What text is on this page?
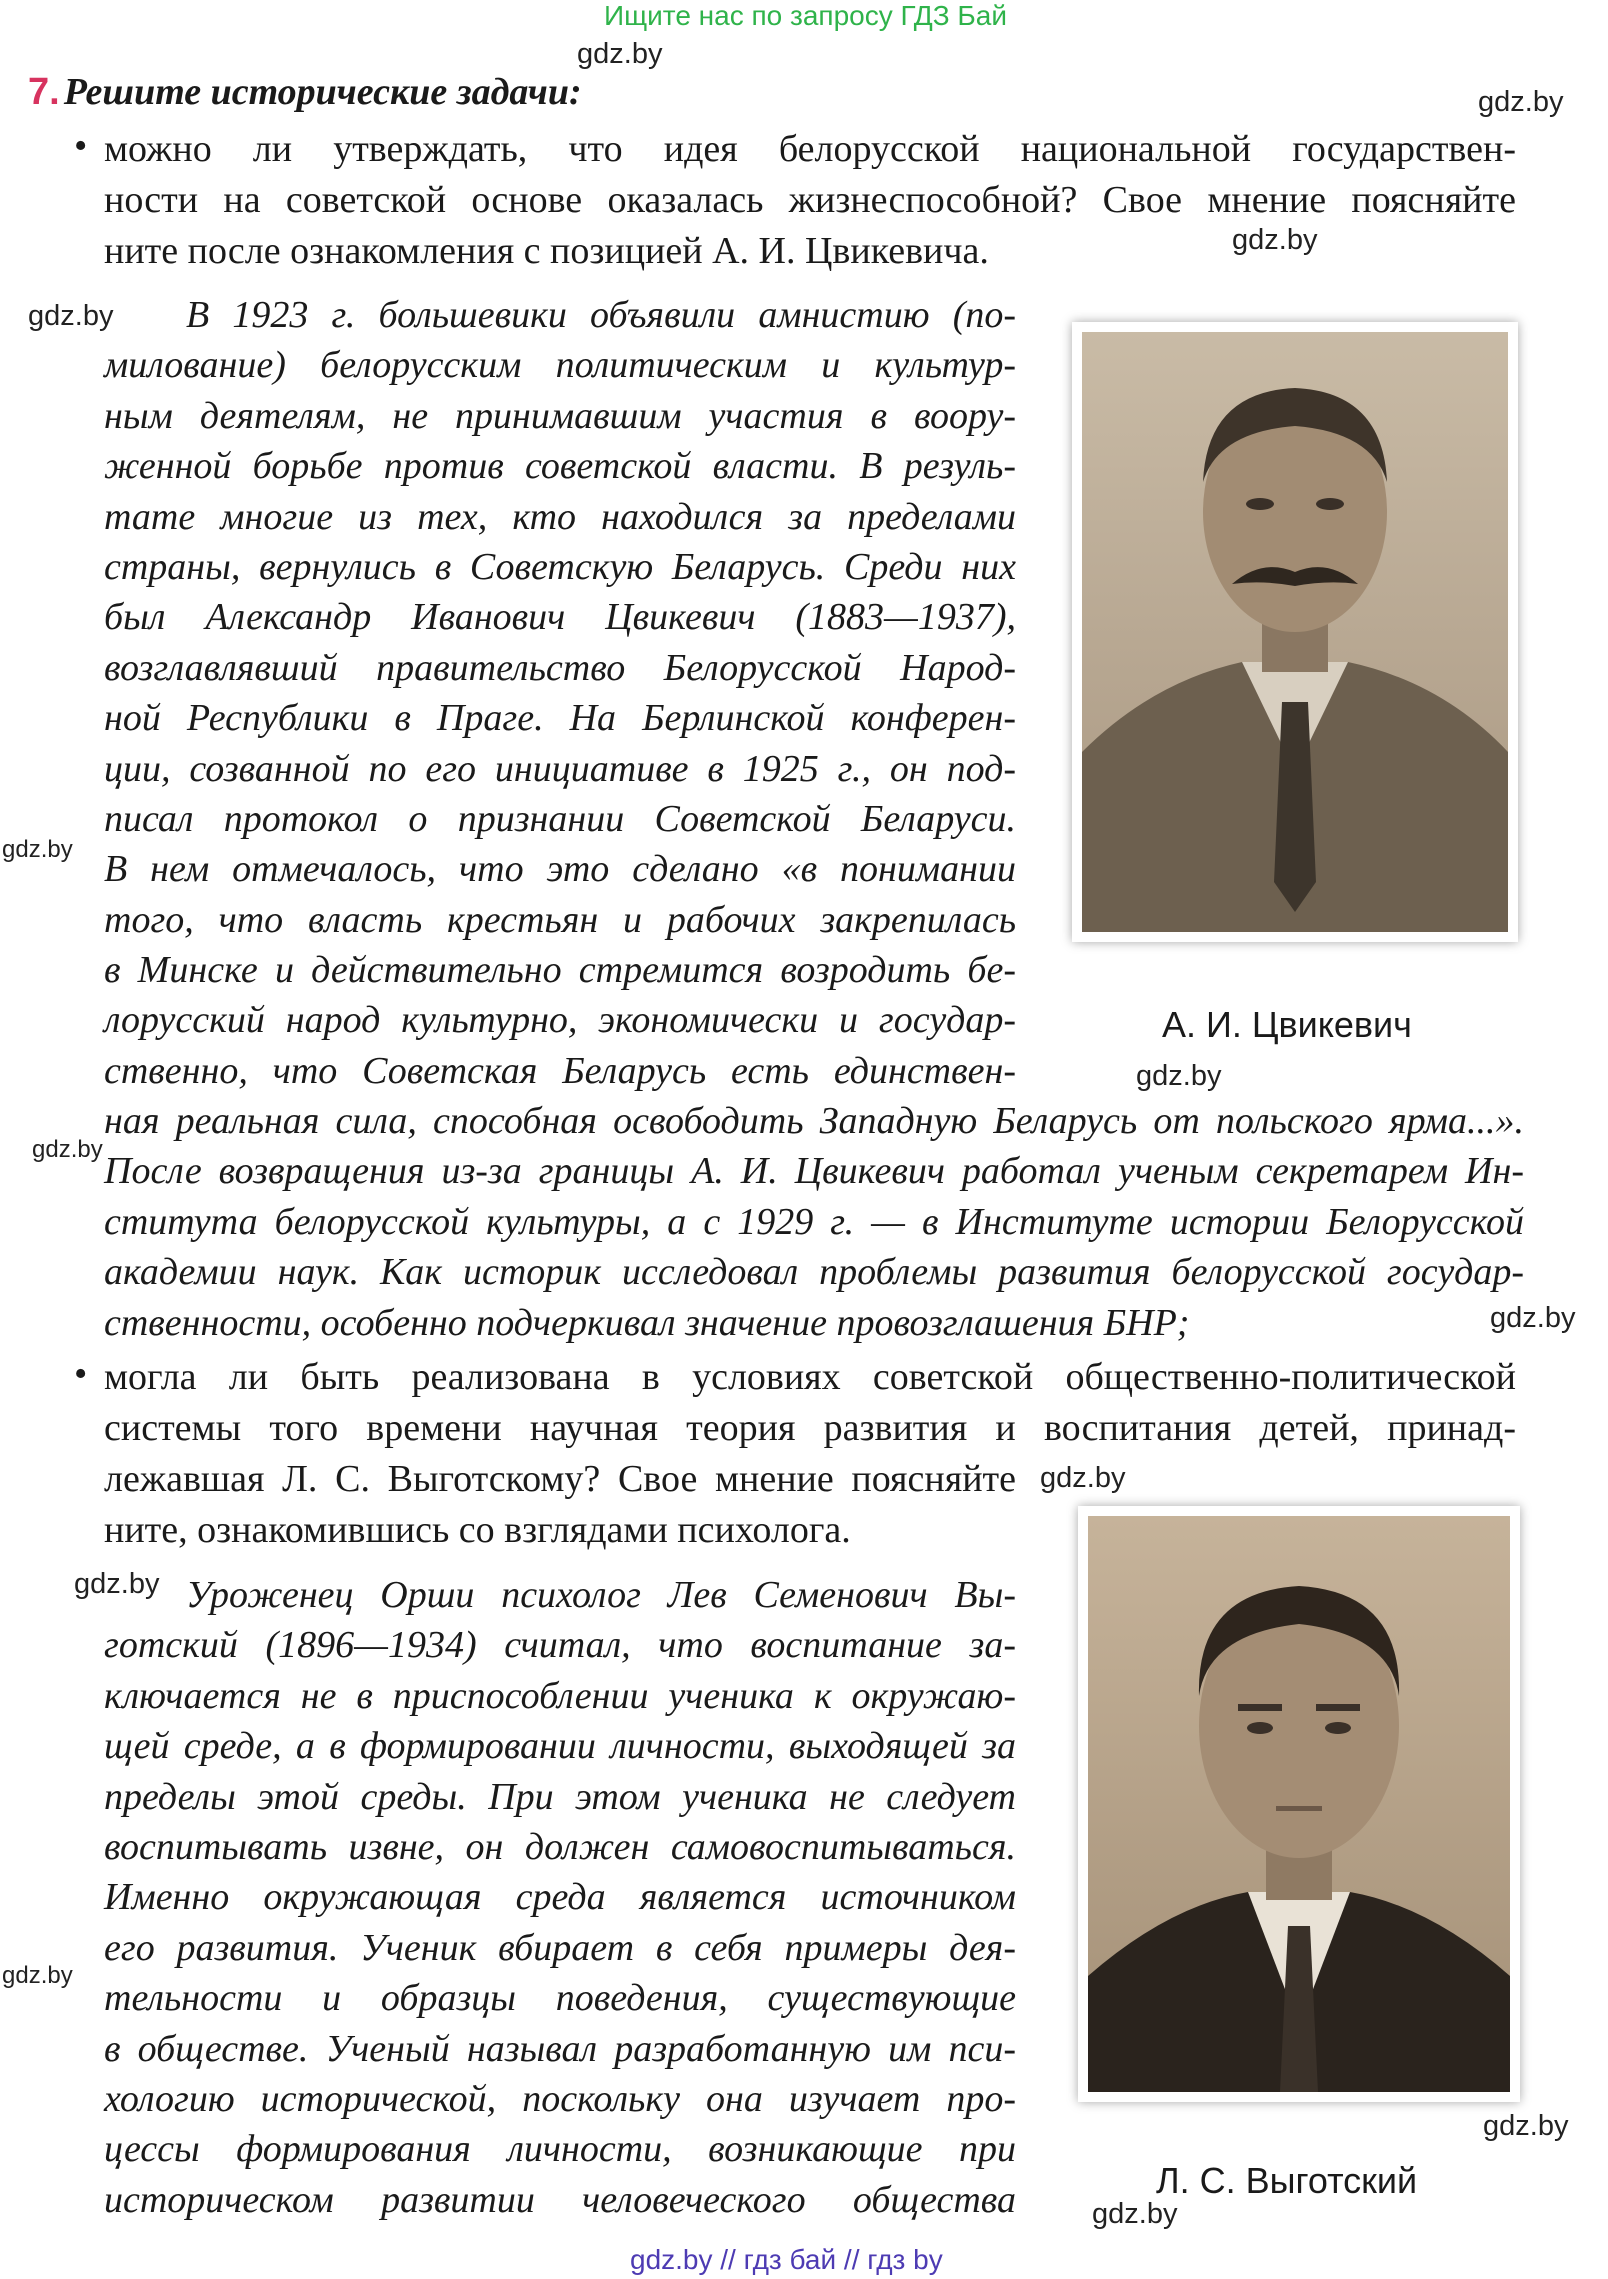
Ищите нас по запросу ГДЗ Бай
gdz.by
gdz.by
gdz.by
gdz.by
gdz.by
gdz.by
gdz.by
gdz.by
gdz.by
gdz.by
gdz.by
gdz.by
gdz.by
7. Решите исторические задачи:
• можно ли утверждать, что идея белорусской национальной государствен-
ности на советской основе оказалась жизнеспособной? Свое мнение поясняйте
ните после ознакомления с позицией А. И. Цвикевича.
В 1923 г. большевики объявили амнистию (по-
милование) белорусским политическим и культур-
ным деятелям, не принимавшим участия в воору-
женной борьбе против советской власти. В резуль-
тате многие из тех, кто находился за пределами
страны, вернулись в Советскую Беларусь. Среди них
был Александр Иванович Цвикевич (1883—1937),
возглавлявший правительство Белорусской Народ-
ной Республики в Праге. На Берлинской конферен-
ции, созванной по его инициативе в 1925 г., он под-
писал протокол о признании Советской Беларуси.
В нем отмечалось, что это сделано «в понимании
того, что власть крестьян и рабочих закрепилась
в Минске и действительно стремится возродить бе-
лорусский народ культурно, экономически и государ-
ственно, что Советская Беларусь есть единствен-
ная реальная сила, способная освободить Западную Беларусь от польского ярма...».
После возвращения из-за границы А. И. Цвикевич работал ученым секретарем Ин-
ститута белорусской культуры, а с 1929 г. — в Институте истории Белорусской
академии наук. Как историк исследовал проблемы развития белорусской государ-
ственности, особенно подчеркивал значение провозглашения БНР;
А. И. Цвикевич
• могла ли быть реализована в условиях советской общественно-политической
системы того времени научная теория развития и воспитания детей, принад-
лежавшая Л. С. Выготскому? Свое мнение поясняйте
ните, ознакомившись со взглядами психолога.
Уроженец Орши психолог Лев Семенович Вы-
готский (1896—1934) считал, что воспитание за-
ключается не в приспособлении ученика к окружаю-
щей среде, а в формировании личности, выходящей за
пределы этой среды. При этом ученика не следует
воспитывать извне, он должен самовоспитываться.
Именно окружающая среда является источником
его развития. Ученик вбирает в себя примеры дея-
тельности и образцы поведения, существующие
в обществе. Ученый называл разработанную им пси-
хологию исторической, поскольку она изучает про-
цессы формирования личности, возникающие при
историческом развитии человеческого общества	Л. С. Выготский
gdz.by // гдз бай // гдз by
